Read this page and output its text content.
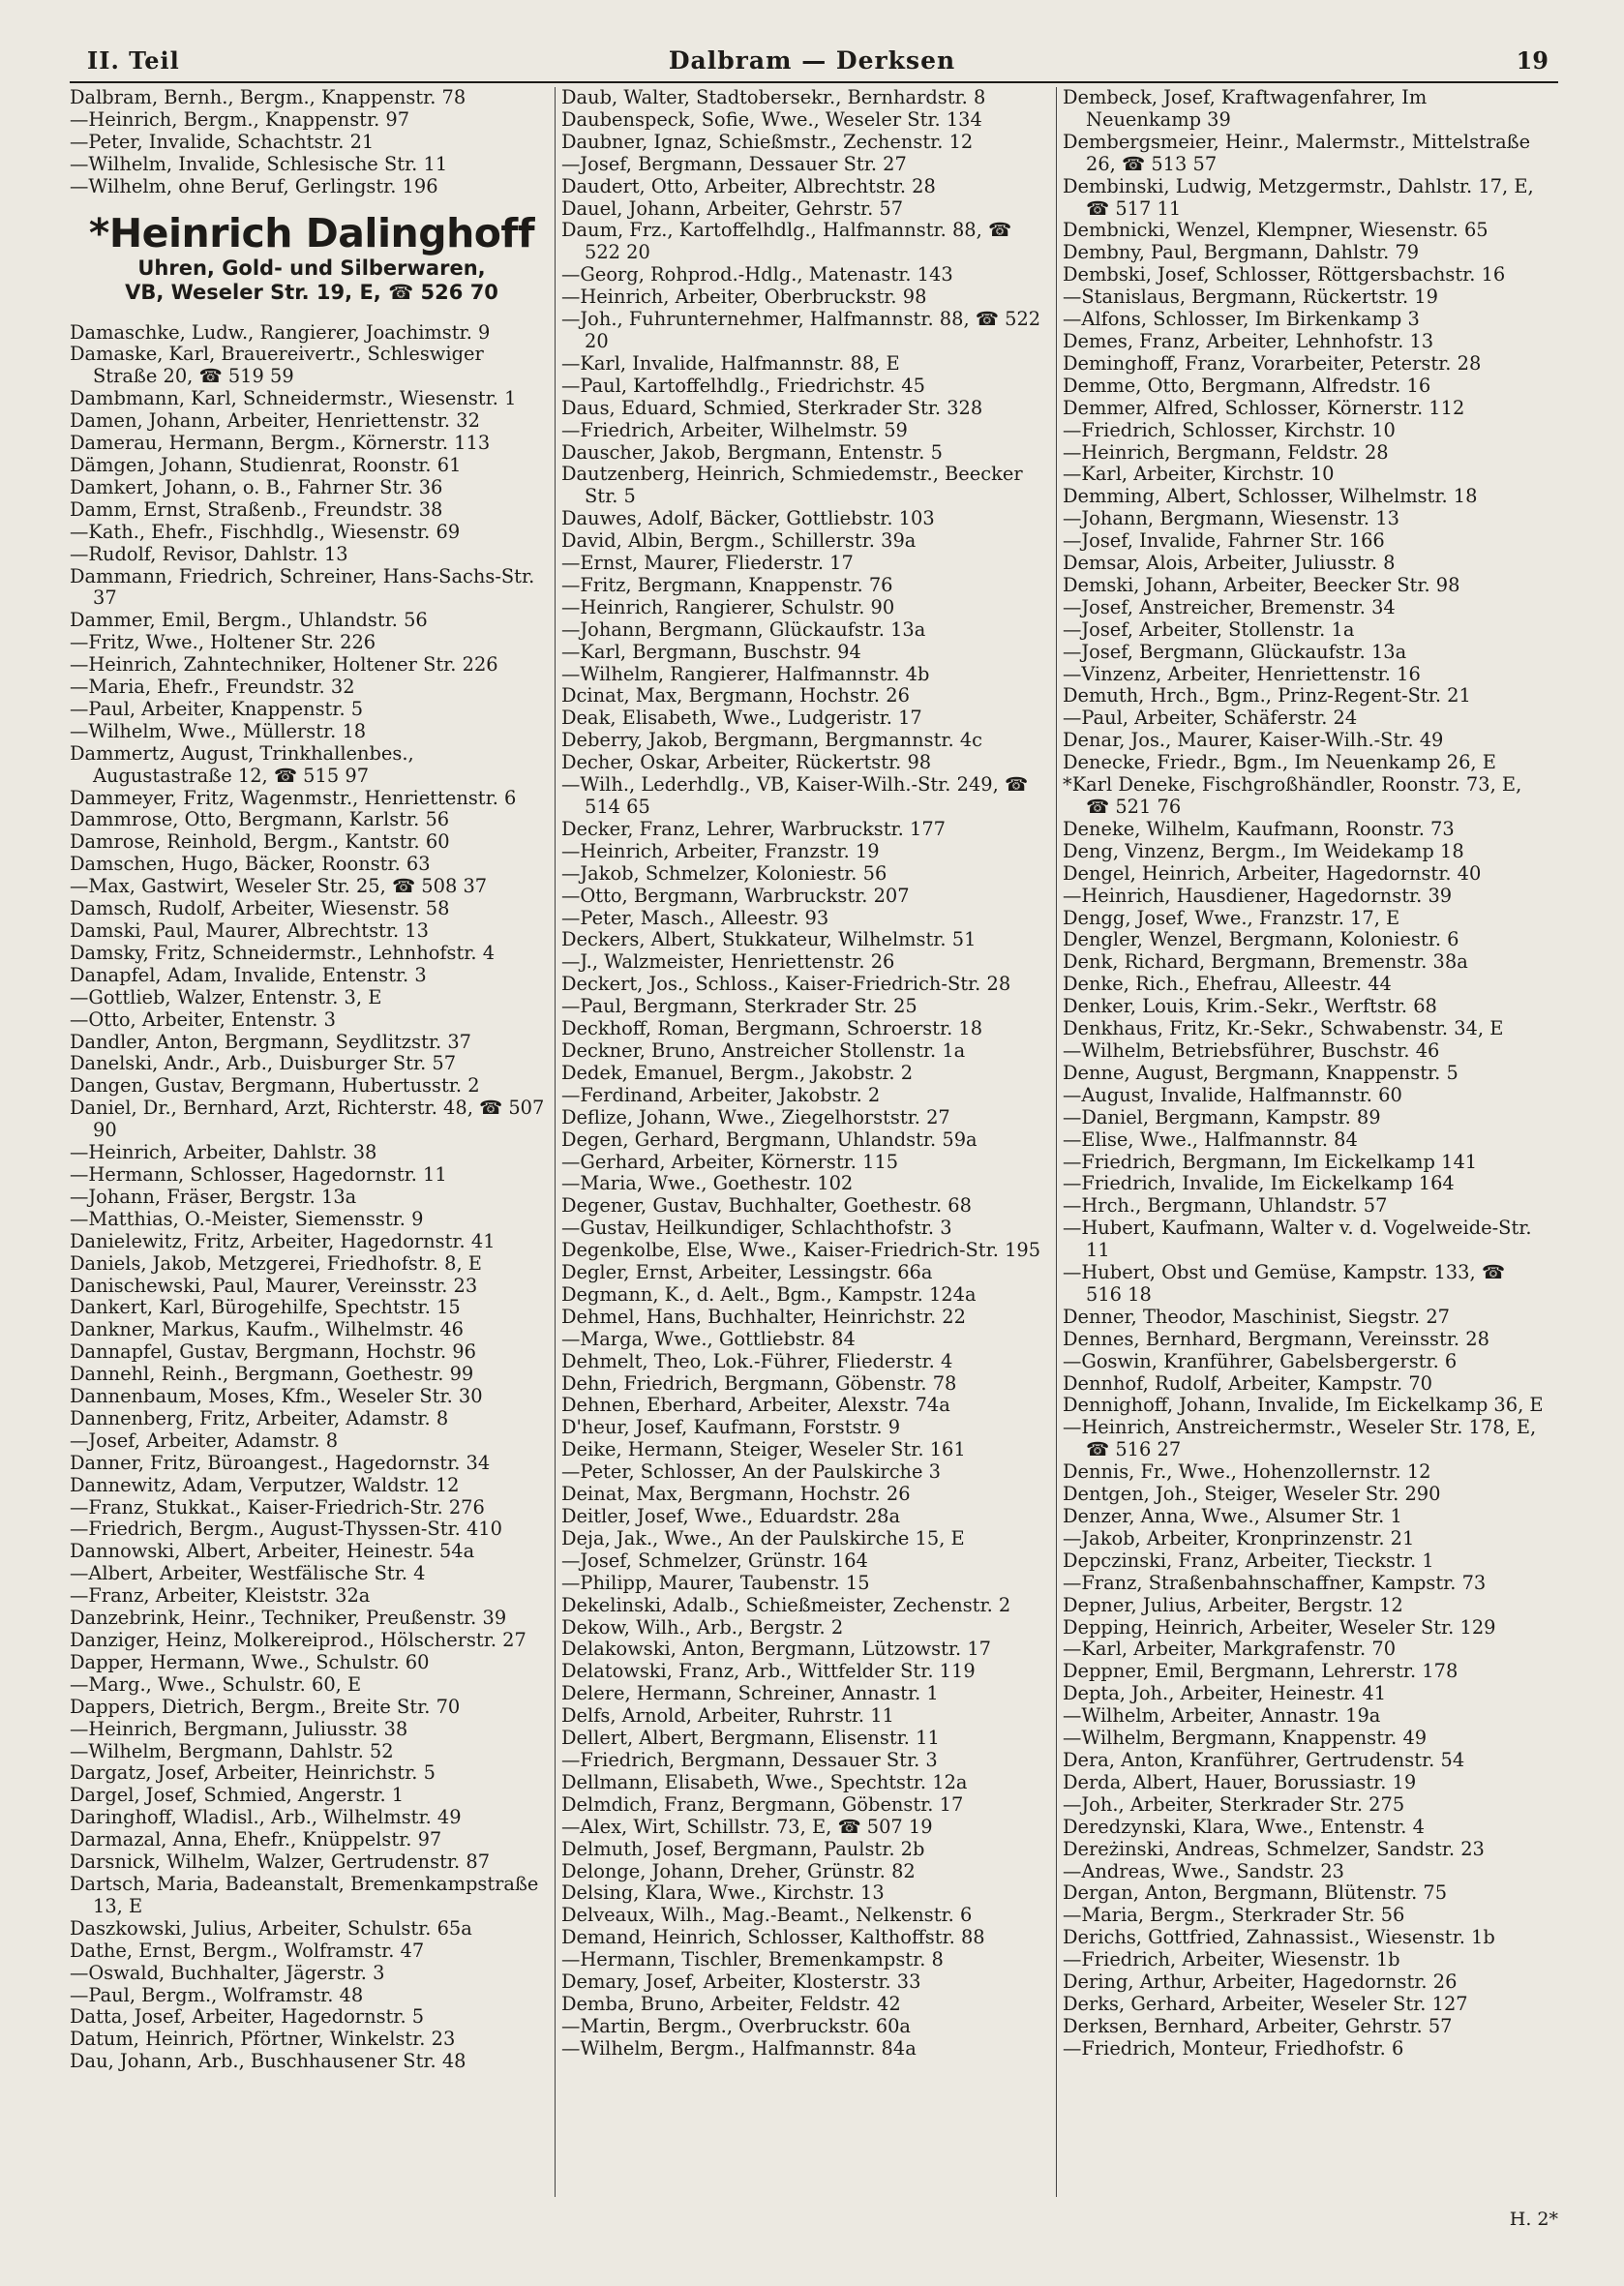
II. Teil	Dalbram — Derksen	19
Dalbram, Bernh., Bergm., Knappenstr. 78
—Heinrich, Bergm., Knappenstr. 97
—Peter, Invalide, Schachtstr. 21
—Wilhelm, Invalide, Schlesische Str. 11
—Wilhelm, ohne Beruf, Gerlingstr. 196
*Heinrich Dalinghoff
Uhren, Gold- und Silberwaren,
VB, Weseler Str. 19, E, ☎ 526 70
Damaschke, Ludw., Rangierer, Joachimstr. 9
Damaske, Karl, Brauereivertr., Schleswiger Straße 20, ☎ 519 59
Dambmann, Karl, Schneidermstr., Wiesenstr. 1
Damen, Johann, Arbeiter, Henriettenstr. 32
Damerau, Hermann, Bergm., Körnerstr. 113
Dämgen, Johann, Studienrat, Roonstr. 61
Damkert, Johann, o. B., Fahrner Str. 36
Damm, Ernst, Straßenb., Freundstr. 38
—Kath., Ehefr., Fischhdlg., Wiesenstr. 69
—Rudolf, Revisor, Dahlstr. 13
Dammann, Friedrich, Schreiner, Hans-Sachs-Str. 37
Dammer, Emil, Bergm., Uhlandstr. 56
—Fritz, Wwe., Holtener Str. 226
—Heinrich, Zahntechniker, Holtener Str. 226
—Maria, Ehefr., Freundstr. 32
—Paul, Arbeiter, Knappenstr. 5
—Wilhelm, Wwe., Müllerstr. 18
Dammertz, August, Trinkhallenbes., Augustastraße 12, ☎ 515 97
Dammeyer, Fritz, Wagenmstr., Henriettenstr. 6
Dammrose, Otto, Bergmann, Karlstr. 56
Damrose, Reinhold, Bergm., Kantstr. 60
Damschen, Hugo, Bäcker, Roonstr. 63
—Max, Gastwirt, Weseler Str. 25, ☎ 508 37
Damsch, Rudolf, Arbeiter, Wiesenstr. 58
Damski, Paul, Maurer, Albrechtstr. 13
Damsky, Fritz, Schneidermstr., Lehnhofstr. 4
Danapfel, Adam, Invalide, Entenstr. 3
—Gottlieb, Walzer, Entenstr. 3, E
—Otto, Arbeiter, Entenstr. 3
Dandler, Anton, Bergmann, Seydlitzstr. 37
Danelski, Andr., Arb., Duisburger Str. 57
Dangen, Gustav, Bergmann, Hubertusstr. 2
Daniel, Dr., Bernhard, Arzt, Richterstr. 48, ☎ 507 90
—Heinrich, Arbeiter, Dahlstr. 38
—Hermann, Schlosser, Hagedornstr. 11
—Johann, Fräser, Bergstr. 13a
—Matthias, O.-Meister, Siemensstr. 9
Danielewitz, Fritz, Arbeiter, Hagedornstr. 41
Daniels, Jakob, Metzgerei, Friedhofstr. 8, E
Danischewski, Paul, Maurer, Vereinsstr. 23
Dankert, Karl, Bürogehilfe, Spechtstr. 15
Dankner, Markus, Kaufm., Wilhelmstr. 46
Dannapfel, Gustav, Bergmann, Hochstr. 96
Dannehl, Reinh., Bergmann, Goethestr. 99
Dannenbaum, Moses, Kfm., Weseler Str. 30
Dannenberg, Fritz, Arbeiter, Adamstr. 8
—Josef, Arbeiter, Adamstr. 8
Danner, Fritz, Büroangest., Hagedornstr. 34
Dannewitz, Adam, Verputzer, Waldstr. 12
—Franz, Stukkat., Kaiser-Friedrich-Str. 276
—Friedrich, Bergm., August-Thyssen-Str. 410
Dannowski, Albert, Arbeiter, Heinestr. 54a
—Albert, Arbeiter, Westfälische Str. 4
—Franz, Arbeiter, Kleiststr. 32a
Danzebrink, Heinr., Techniker, Preußenstr. 39
Danziger, Heinz, Molkereiprod., Hölscherstr. 27
Dapper, Hermann, Wwe., Schulstr. 60
—Marg., Wwe., Schulstr. 60, E
Dappers, Dietrich, Bergm., Breite Str. 70
—Heinrich, Bergmann, Juliusstr. 38
—Wilhelm, Bergmann, Dahlstr. 52
Dargatz, Josef, Arbeiter, Heinrichstr. 5
Dargel, Josef, Schmied, Angerstr. 1
Daringhoff, Wladisl., Arb., Wilhelmstr. 49
Darmazal, Anna, Ehefr., Knüppelstr. 97
Darsnick, Wilhelm, Walzer, Gertrudenstr. 87
Dartsch, Maria, Badeanstalt, Bremenkampstraße 13, E
Daszkowski, Julius, Arbeiter, Schulstr. 65a
Dathe, Ernst, Bergm., Wolframstr. 47
—Oswald, Buchhalter, Jägerstr. 3
—Paul, Bergm., Wolframstr. 48
Datta, Josef, Arbeiter, Hagedornstr. 5
Datum, Heinrich, Pförtner, Winkelstr. 23
Dau, Johann, Arb., Buschhausener Str. 48
Daub, Walter, Stadtobersekr., Bernhardstr. 8
Daubenspeck, Sofie, Wwe., Weseler Str. 134
Daubner, Ignaz, Schießmstr., Zechenstr. 12
—Josef, Bergmann, Dessauer Str. 27
Daudert, Otto, Arbeiter, Albrechtstr. 28
Dauel, Johann, Arbeiter, Gehrstr. 57
Daum, Frz., Kartoffelhdlg., Halfmannstr. 88, ☎ 522 20
—Georg, Rohprod.-Hdlg., Matenastr. 143
—Heinrich, Arbeiter, Oberbruckstr. 98
—Joh., Fuhrunternehmer, Halfmannstr. 88, ☎ 522 20
—Karl, Invalide, Halfmannstr. 88, E
—Paul, Kartoffelhdlg., Friedrichstr. 45
Daus, Eduard, Schmied, Sterkrader Str. 328
—Friedrich, Arbeiter, Wilhelmstr. 59
Dauscher, Jakob, Bergmann, Entenstr. 5
Dautzenberg, Heinrich, Schmiedemstr., Beecker Str. 5
Dauwes, Adolf, Bäcker, Gottliebstr. 103
David, Albin, Bergm., Schillerstr. 39a
—Ernst, Maurer, Fliederstr. 17
—Fritz, Bergmann, Knappenstr. 76
—Heinrich, Rangierer, Schulstr. 90
—Johann, Bergmann, Glückaufstr. 13a
—Karl, Bergmann, Buschstr. 94
—Wilhelm, Rangierer, Halfmannstr. 4b
Dcinat, Max, Bergmann, Hochstr. 26
Deak, Elisabeth, Wwe., Ludgeristr. 17
Deberry, Jakob, Bergmann, Bergmannstr. 4c
Decher, Oskar, Arbeiter, Rückertstr. 98
—Wilh., Lederhdlg., VB, Kaiser-Wilh.-Str. 249, ☎ 514 65
Decker, Franz, Lehrer, Warbruckstr. 177
—Heinrich, Arbeiter, Franzstr. 19
—Jakob, Schmelzer, Koloniestr. 56
—Otto, Bergmann, Warbruckstr. 207
—Peter, Masch., Alleestr. 93
Deckers, Albert, Stukkateur, Wilhelmstr. 51
—J., Walzmeister, Henriettenstr. 26
Deckert, Jos., Schloss., Kaiser-Friedrich-Str. 28
—Paul, Bergmann, Sterkrader Str. 25
Deckhoff, Roman, Bergmann, Schroerstr. 18
Deckner, Bruno, Anstreicher Stollenstr. 1a
Dedek, Emanuel, Bergm., Jakobstr. 2
—Ferdinand, Arbeiter, Jakobstr. 2
Deflize, Johann, Wwe., Ziegelhorststr. 27
Degen, Gerhard, Bergmann, Uhlandstr. 59a
—Gerhard, Arbeiter, Körnerstr. 115
—Maria, Wwe., Goethestr. 102
Degener, Gustav, Buchhalter, Goethestr. 68
—Gustav, Heilkundiger, Schlachthofstr. 3
Degenkolbe, Else, Wwe., Kaiser-Friedrich-Str. 195
Degler, Ernst, Arbeiter, Lessingstr. 66a
Degmann, K., d. Aelt., Bgm., Kampstr. 124a
Dehmel, Hans, Buchhalter, Heinrichstr. 22
—Marga, Wwe., Gottliebstr. 84
Dehmelt, Theo, Lok.-Führer, Fliederstr. 4
Dehn, Friedrich, Bergmann, Göbenstr. 78
Dehnen, Eberhard, Arbeiter, Alexstr. 74a
D'heur, Josef, Kaufmann, Forststr. 9
Deike, Hermann, Steiger, Weseler Str. 161
—Peter, Schlosser, An der Paulskirche 3
Deinat, Max, Bergmann, Hochstr. 26
Deitler, Josef, Wwe., Eduardstr. 28a
Deja, Jak., Wwe., An der Paulskirche 15, E
—Josef, Schmelzer, Grünstr. 164
—Philipp, Maurer, Taubenstr. 15
Dekelinski, Adalb., Schießmeister, Zechenstr. 2
Dekow, Wilh., Arb., Bergstr. 2
Delakowski, Anton, Bergmann, Lützowstr. 17
Delatowski, Franz, Arb., Wittfelder Str. 119
Delere, Hermann, Schreiner, Annastr. 1
Delfs, Arnold, Arbeiter, Ruhrstr. 11
Dellert, Albert, Bergmann, Elisenstr. 11
—Friedrich, Bergmann, Dessauer Str. 3
Dellmann, Elisabeth, Wwe., Spechtstr. 12a
Delmdich, Franz, Bergmann, Göbenstr. 17
—Alex, Wirt, Schillstr. 73, E, ☎ 507 19
Delmuth, Josef, Bergmann, Paulstr. 2b
Delonge, Johann, Dreher, Grünstr. 82
Delsing, Klara, Wwe., Kirchstr. 13
Delveaux, Wilh., Mag.-Beamt., Nelkenstr. 6
Demand, Heinrich, Schlosser, Kalthoffstr. 88
—Hermann, Tischler, Bremenkampstr. 8
Demary, Josef, Arbeiter, Klosterstr. 33
Demba, Bruno, Arbeiter, Feldstr. 42
—Martin, Bergm., Overbruckstr. 60a
—Wilhelm, Bergm., Halfmannstr. 84a
Dembeck, Josef, Kraftwagenfahrer, Im Neuenkamp 39
Dembergsmeier, Heinr., Malermstr., Mittelstraße 26, ☎ 513 57
Dembinski, Ludwig, Metzgermstr., Dahlstr. 17, E, ☎ 517 11
Dembnicki, Wenzel, Klempner, Wiesenstr. 65
Dembny, Paul, Bergmann, Dahlstr. 79
Dembski, Josef, Schlosser, Röttgersbachstr. 16
—Stanislaus, Bergmann, Rückertstr. 19
—Alfons, Schlosser, Im Birkenkamp 3
Demes, Franz, Arbeiter, Lehnhofstr. 13
Deminghoff, Franz, Vorarbeiter, Peterstr. 28
Demme, Otto, Bergmann, Alfredstr. 16
Demmer, Alfred, Schlosser, Körnerstr. 112
—Friedrich, Schlosser, Kirchstr. 10
—Heinrich, Bergmann, Feldstr. 28
—Karl, Arbeiter, Kirchstr. 10
Demming, Albert, Schlosser, Wilhelmstr. 18
—Johann, Bergmann, Wiesenstr. 13
—Josef, Invalide, Fahrner Str. 166
Demsar, Alois, Arbeiter, Juliusstr. 8
Demski, Johann, Arbeiter, Beecker Str. 98
—Josef, Anstreicher, Bremenstr. 34
—Josef, Arbeiter, Stollenstr. 1a
—Josef, Bergmann, Glückaufstr. 13a
—Vinzenz, Arbeiter, Henriettenstr. 16
Demuth, Hrch., Bgm., Prinz-Regent-Str. 21
—Paul, Arbeiter, Schäferstr. 24
Denar, Jos., Maurer, Kaiser-Wilh.-Str. 49
Denecke, Friedr., Bgm., Im Neuenkamp 26, E
*Karl Deneke, Fischgroßhändler, Roonstr. 73, E, ☎ 521 76
Deneke, Wilhelm, Kaufmann, Roonstr. 73
Deng, Vinzenz, Bergm., Im Weidekamp 18
Dengel, Heinrich, Arbeiter, Hagedornstr. 40
—Heinrich, Hausdiener, Hagedornstr. 39
Dengg, Josef, Wwe., Franzstr. 17, E
Dengler, Wenzel, Bergmann, Koloniestr. 6
Denk, Richard, Bergmann, Bremenstr. 38a
Denke, Rich., Ehefrau, Alleestr. 44
Denker, Louis, Krim.-Sekr., Werftstr. 68
Denkhaus, Fritz, Kr.-Sekr., Schwabenstr. 34, E
—Wilhelm, Betriebsführer, Buschstr. 46
Denne, August, Bergmann, Knappenstr. 5
—August, Invalide, Halfmannstr. 60
—Daniel, Bergmann, Kampstr. 89
—Elise, Wwe., Halfmannstr. 84
—Friedrich, Bergmann, Im Eickelkamp 141
—Friedrich, Invalide, Im Eickelkamp 164
—Hrch., Bergmann, Uhlandstr. 57
—Hubert, Kaufmann, Walter v. d. Vogelweide-Str. 11
—Hubert, Obst und Gemüse, Kampstr. 133, ☎ 516 18
Denner, Theodor, Maschinist, Siegstr. 27
Dennes, Bernhard, Bergmann, Vereinsstr. 28
—Goswin, Kranführer, Gabelsbergerstr. 6
Dennhof, Rudolf, Arbeiter, Kampstr. 70
Dennighoff, Johann, Invalide, Im Eickelkamp 36, E
—Heinrich, Anstreichermstr., Weseler Str. 178, E, ☎ 516 27
Dennis, Fr., Wwe., Hohenzollernstr. 12
Dentgen, Joh., Steiger, Weseler Str. 290
Denzer, Anna, Wwe., Alsumer Str. 1
—Jakob, Arbeiter, Kronprinzenstr. 21
Depczinski, Franz, Arbeiter, Tieckstr. 1
—Franz, Straßenbahnschaffner, Kampstr. 73
Depner, Julius, Arbeiter, Bergstr. 12
Depping, Heinrich, Arbeiter, Weseler Str. 129
—Karl, Arbeiter, Markgrafenstr. 70
Deppner, Emil, Bergmann, Lehrerstr. 178
Depta, Joh., Arbeiter, Heinestr. 41
—Wilhelm, Arbeiter, Annastr. 19a
—Wilhelm, Bergmann, Knappenstr. 49
Dera, Anton, Kranführer, Gertrudenstr. 54
Derda, Albert, Hauer, Borussiastr. 19
—Joh., Arbeiter, Sterkrader Str. 275
Deredzynski, Klara, Wwe., Entenstr. 4
Dereżinski, Andreas, Schmelzer, Sandstr. 23
—Andreas, Wwe., Sandstr. 23
Dergan, Anton, Bergmann, Blütenstr. 75
—Maria, Bergm., Sterkrader Str. 56
Derichs, Gottfried, Zahnassist., Wiesenstr. 1b
—Friedrich, Arbeiter, Wiesenstr. 1b
Dering, Arthur, Arbeiter, Hagedornstr. 26
Derks, Gerhard, Arbeiter, Weseler Str. 127
Derksen, Bernhard, Arbeiter, Gehrstr. 57
—Friedrich, Monteur, Friedhofstr. 6
H. 2*
